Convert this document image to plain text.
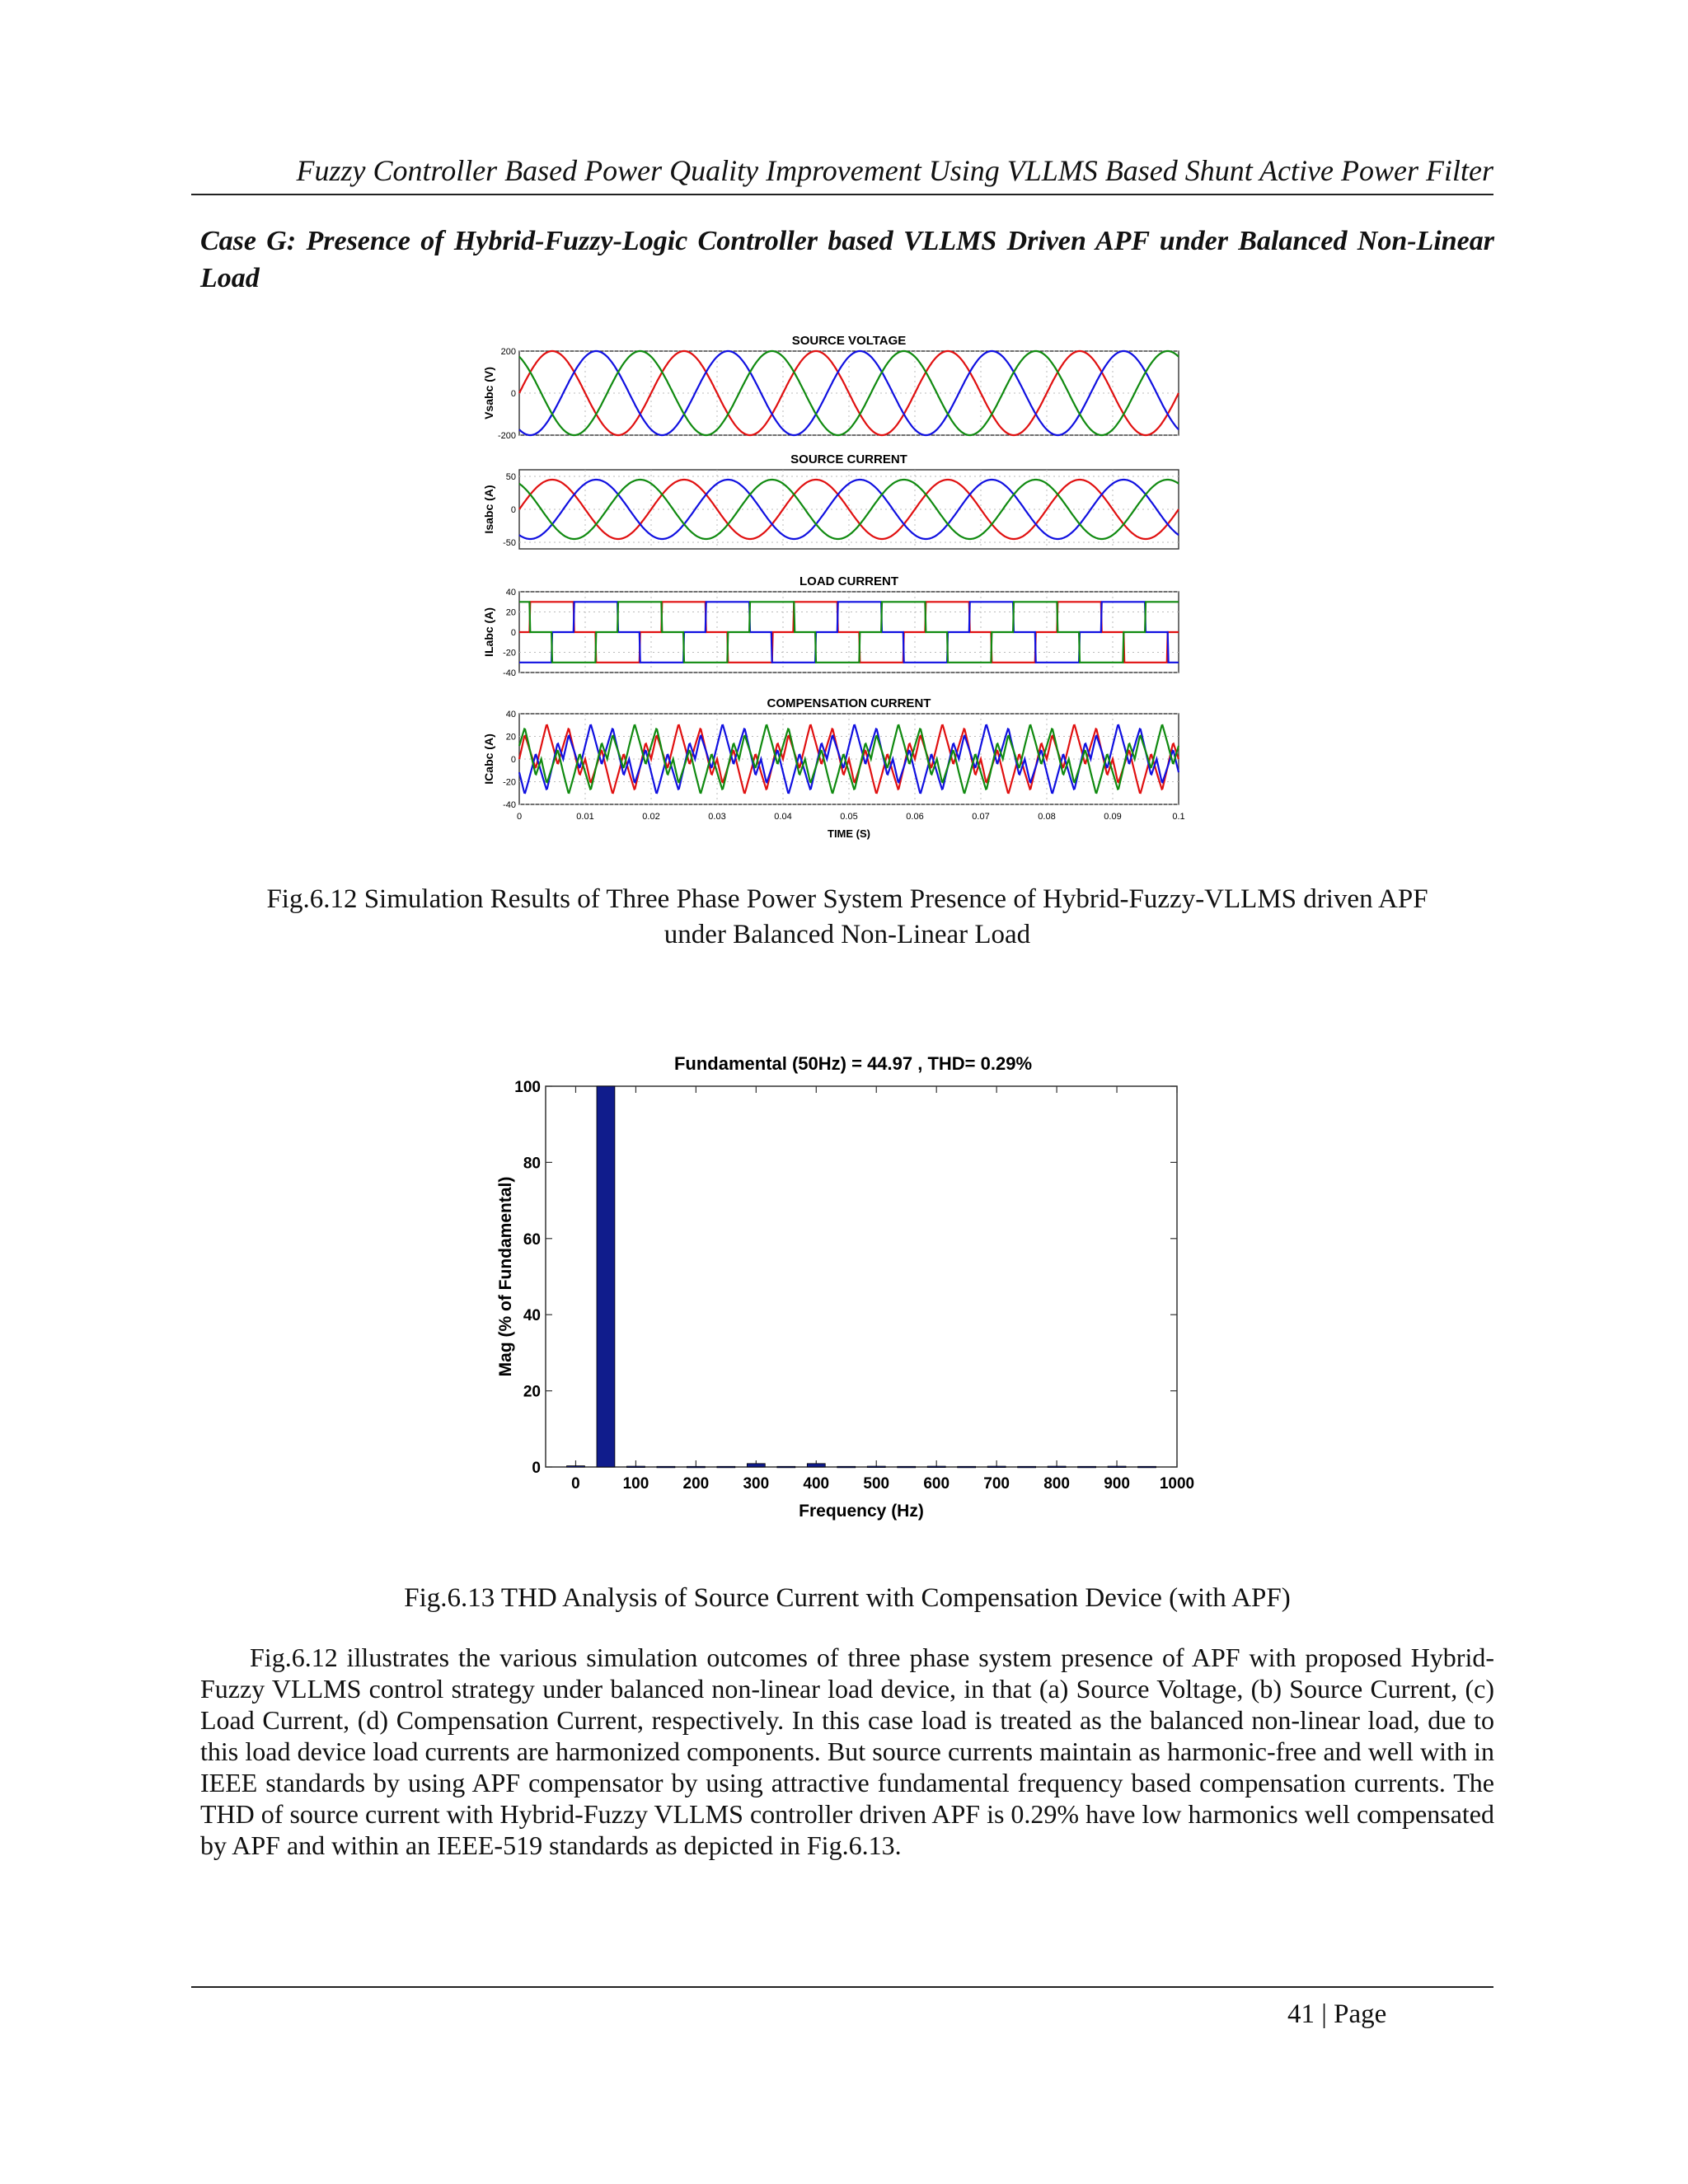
Fuzzy Controller Based Power Quality Improvement Using VLLMS Based Shunt Active Power Filter
Case G: Presence of Hybrid-Fuzzy-Logic Controller based VLLMS Driven APF under Balanced Non-Linear Load
SOURCE VOLTAGE
200
0
-200
Vsabc (V)
SOURCE CURRENT
50
0
-50
Isabc (A)
LOAD CURRENT
40
20
0
-20
-40
ILabc (A)
COMPENSATION CURRENT
40
20
0
-20
-40
ICabc (A)
0	0.01	0.02	0.03	0.04	0.05	0.06	0.07	0.08	0.09	0.1
TIME (S)
Fig.6.12 Simulation Results of Three Phase Power System Presence of Hybrid-Fuzzy-VLLMS driven APF
under Balanced Non-Linear Load
Fundamental (50Hz) = 44.97 , THD= 0.29%
0
20
40
60
80
100
0	100 200 300 400 500 600 700 800 900 1000
Frequency (Hz)
Mag (% of Fundamental)
Fig.6.13 THD Analysis of Source Current with Compensation Device (with APF)
Fig.6.12 illustrates the various simulation outcomes of three phase system presence of APF with proposed Hybrid-Fuzzy VLLMS control strategy under balanced non-linear load device, in that (a) Source Voltage, (b) Source Current, (c) Load Current, (d) Compensation Current, respectively. In this case load is treated as the balanced non-linear load, due to this load device load currents are harmonized components. But source currents maintain as harmonic-free and well with in IEEE standards by using APF compensator by using attractive fundamental frequency based compensation currents. The THD of source current with Hybrid-Fuzzy VLLMS controller driven APF is 0.29% have low harmonics well compensated by APF and within an IEEE-519 standards as depicted in Fig.6.13.
41 | Page
